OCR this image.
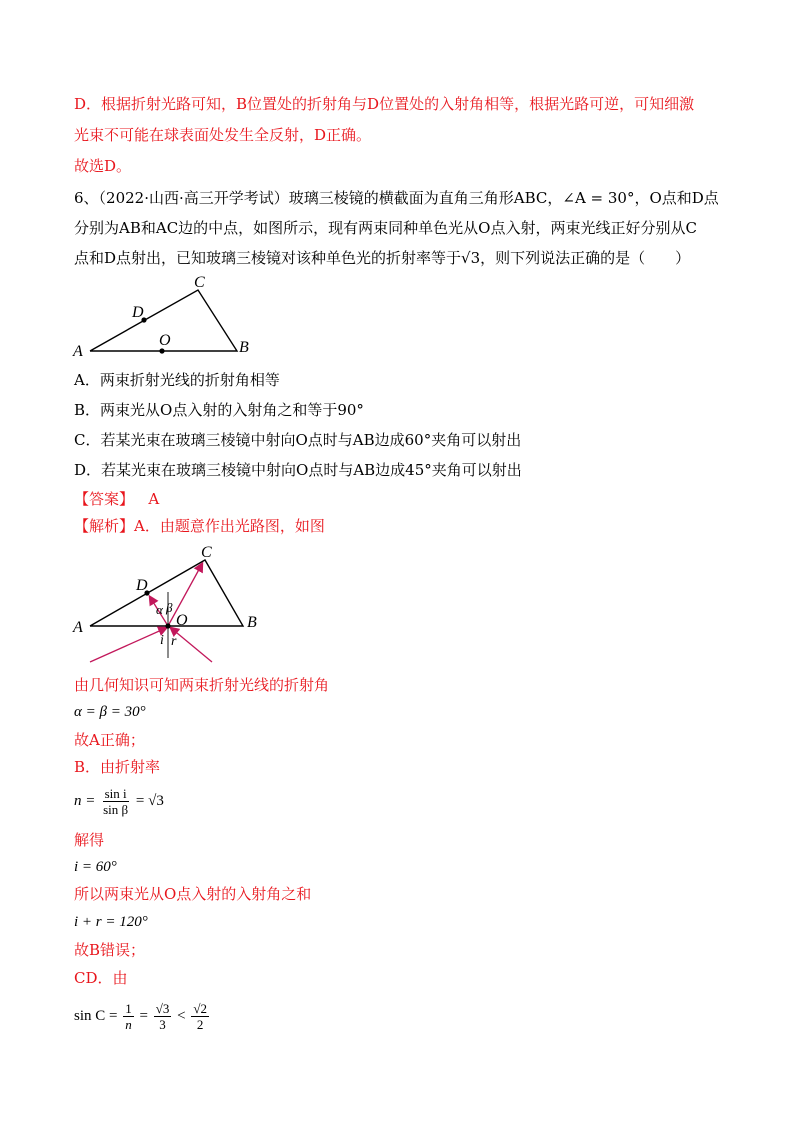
D．根据折射光路可知，B位置处的折射角与D位置处的入射角相等，根据光路可逆，可知细激
光束不可能在球表面处发生全反射，D正确。
故选D。
6、（2022·山西·高三开学考试）玻璃三棱镜的横截面为直角三角形ABC，∠A = 30°，O点和D点
分别为AB和AC边的中点，如图所示，现有两束同种单色光从O点入射，两束光线正好分别从C
点和D点射出，已知玻璃三棱镜对该种单色光的折射率等于√3，则下列说法正确的是（　　）
A	B
C
D
O
A．两束折射光线的折射角相等
B．两束光从O点入射的入射角之和等于90°
C．若某光束在玻璃三棱镜中射向O点时与AB边成60°夹角可以射出
D．若某光束在玻璃三棱镜中射向O点时与AB边成45°夹角可以射出
【答案】 A
【解析】A．由题意作出光路图，如图
A	B
C
D
O
α β
i r
由几何知识可知两束折射光线的折射角
α = β = 30°
故A正确；
B．由折射率
$n = \frac{\text{sin i}}{\text{sin β}} = √3$
解得
i = 60°
所以两束光从O点入射的入射角之和
i + r = 120°
故B错误；
CD．由
$\sin C = \frac{1}{n} = \frac{√3}{3} < \frac{√2}{2}$
